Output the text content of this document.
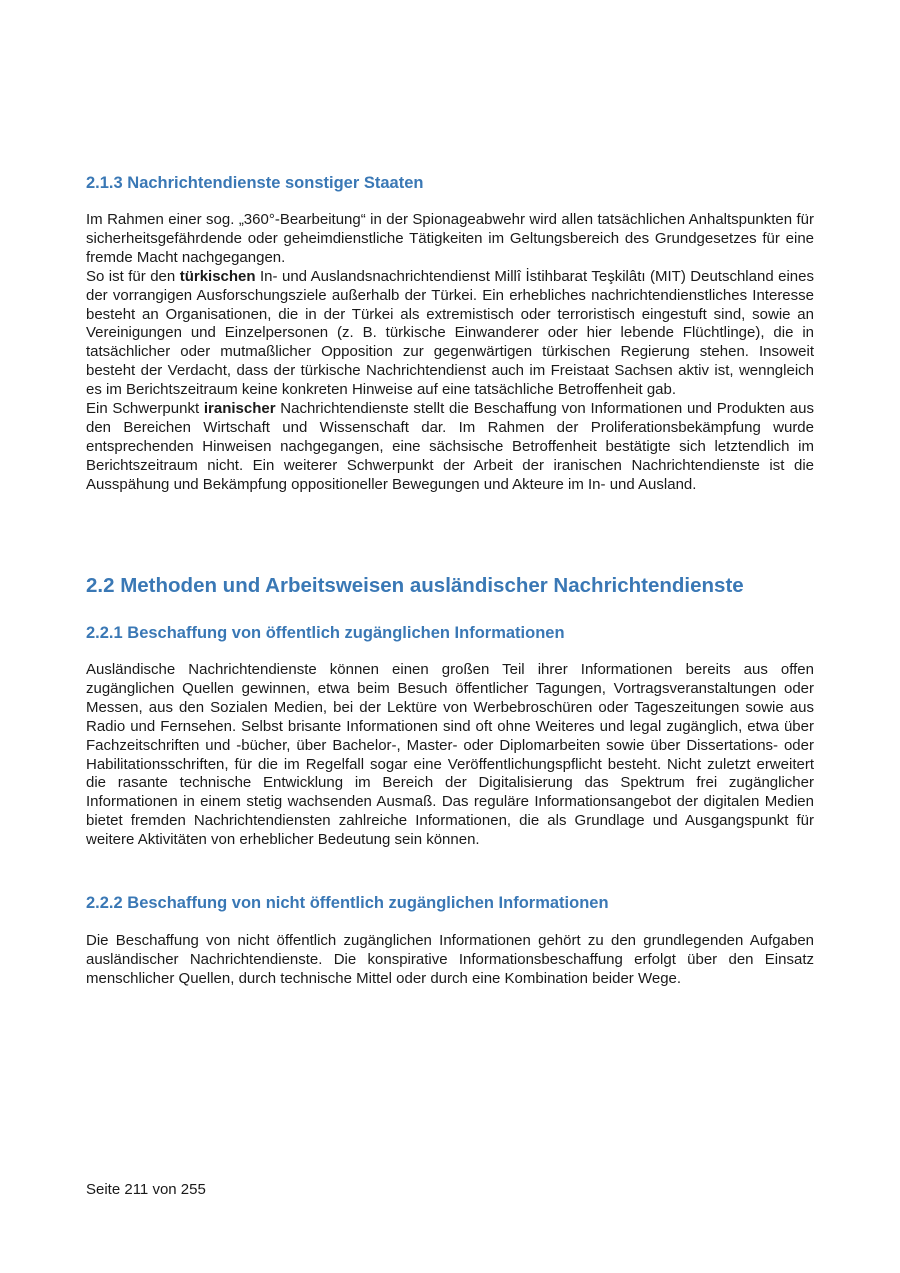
2.1.3 Nachrichtendienste sonstiger Staaten

Im Rahmen einer sog. „360°-Bearbeitung“ in der Spionageabwehr wird allen tatsächlichen Anhaltspunkten für sicherheitsgefährdende oder geheimdienstliche Tätigkeiten im Geltungsbereich des Grundgesetzes für eine fremde Macht nachgegangen.

So ist für den türkischen In- und Auslandsnachrichtendienst Millî İstihbarat Teşkilâtı (MIT) Deutschland eines der vorrangigen Ausforschungsziele außerhalb der Türkei. Ein erhebliches nachrichtendienstliches Interesse besteht an Organisationen, die in der Türkei als extremistisch oder terroristisch eingestuft sind, sowie an Vereinigungen und Einzelpersonen (z. B. türkische Einwanderer oder hier lebende Flüchtlinge), die in tatsächlicher oder mutmaßlicher Opposition zur gegenwärtigen türkischen Regierung stehen. Insoweit besteht der Verdacht, dass der türkische Nachrichtendienst auch im Freistaat Sachsen aktiv ist, wenngleich es im Berichtszeitraum keine konkreten Hinweise auf eine tatsächliche Betroffenheit gab.

Ein Schwerpunkt iranischer Nachrichtendienste stellt die Beschaffung von Informationen und Produkten aus den Bereichen Wirtschaft und Wissenschaft dar. Im Rahmen der Proliferationsbekämpfung wurde entsprechenden Hinweisen nachgegangen, eine sächsische Betroffenheit bestätigte sich letztendlich im Berichtszeitraum nicht. Ein weiterer Schwerpunkt der Arbeit der iranischen Nachrichtendienste ist die Ausspähung und Bekämpfung oppositioneller Bewegungen und Akteure im In- und Ausland.

2.2 Methoden und Arbeitsweisen ausländischer Nachrichtendienste
2.2.1 Beschaffung von öffentlich zugänglichen Informationen

Ausländische Nachrichtendienste können einen großen Teil ihrer Informationen bereits aus offen zugänglichen Quellen gewinnen, etwa beim Besuch öffentlicher Tagungen, Vortragsveranstaltungen oder Messen, aus den Sozialen Medien, bei der Lektüre von Werbebroschüren oder Tageszeitungen sowie aus Radio und Fernsehen. Selbst brisante Informationen sind oft ohne Weiteres und legal zugänglich, etwa über Fachzeitschriften und -bücher, über Bachelor-, Master- oder Diplomarbeiten sowie über Dissertations- oder Habilitationsschriften, für die im Regelfall sogar eine Veröffentlichungspflicht besteht. Nicht zuletzt erweitert die rasante technische Entwicklung im Bereich der Digitalisierung das Spektrum frei zugänglicher Informationen in einem stetig wachsenden Ausmaß. Das reguläre Informationsangebot der digitalen Medien bietet fremden Nachrichtendiensten zahlreiche Informationen, die als Grundlage und Ausgangspunkt für weitere Aktivitäten von erheblicher Bedeutung sein können.

2.2.2 Beschaffung von nicht öffentlich zugänglichen Informationen

Die Beschaffung von nicht öffentlich zugänglichen Informationen gehört zu den grundlegenden Aufgaben ausländischer Nachrichtendienste. Die konspirative Informationsbeschaffung erfolgt über den Einsatz menschlicher Quellen, durch technische Mittel oder durch eine Kombination beider Wege.

Seite 211 von 255
